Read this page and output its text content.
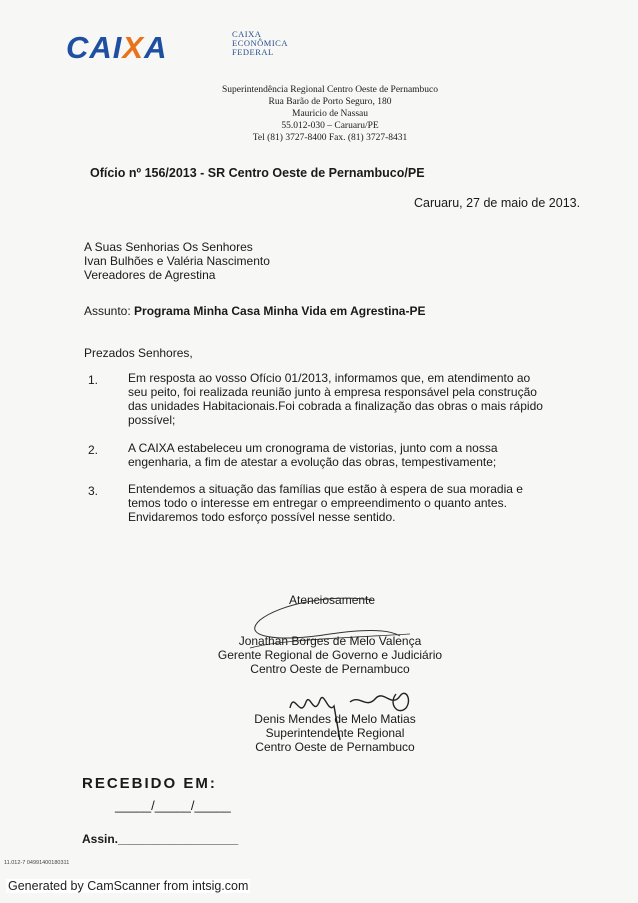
CAIXA	CAIXA
ECONÔMICA
FEDERAL
Superintendência Regional Centro Oeste de Pernambuco
Rua Barão de Porto Seguro, 180
Mauricio de Nassau
55.012-030 – Caruaru/PE
Tel (81) 3727-8400 Fax. (81) 3727-8431
Ofício nº 156/2013 - SR Centro Oeste de Pernambuco/PE
Caruaru, 27 de maio de 2013.
A Suas Senhorias Os Senhores
Ivan Bulhões e Valéria Nascimento
Vereadores de Agrestina
Assunto: Programa Minha Casa Minha Vida em Agrestina-PE
Prezados Senhores,
1. Em resposta ao vosso Ofício 01/2013, informamos que, em atendimento ao
seu peito, foi realizada reunião junto à empresa responsável pela construção
das unidades Habitacionais.Foi cobrada a finalização das obras o mais rápido
possível;
2. A CAIXA estabeleceu um cronograma de vistorias, junto com a nossa
engenharia, a fim de atestar a evolução das obras, tempestivamente;
3. Entendemos a situação das famílias que estão à espera de sua moradia e
temos todo o interesse em entregar o empreendimento o quanto antes.
Envidaremos todo esforço possível nesse sentido.
Atenciosamente
Jonathan Borges de Melo Valença
Gerente Regional de Governo e Judiciário
Centro Oeste de Pernambuco
Denis Mendes de Melo Matias
Superintendente Regional
Centro Oeste de Pernambuco
RECEBIDO EM:
_____/_____/_____
Assin.__________________
11.012-7 04991400180311
Generated by CamScanner from intsig.com
